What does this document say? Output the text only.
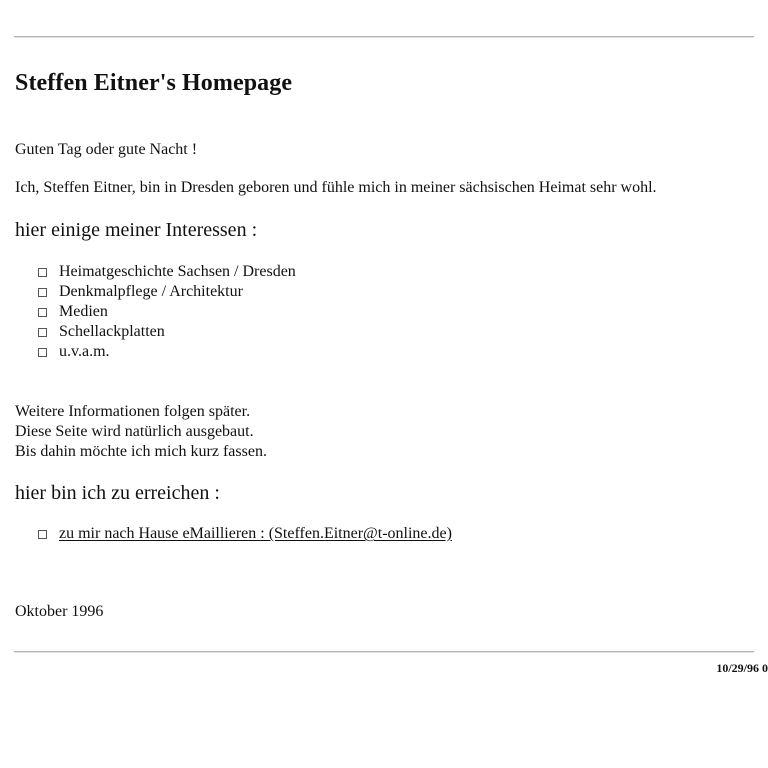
Steffen Eitner's Homepage
Guten Tag oder gute Nacht !
Ich, Steffen Eitner, bin in Dresden geboren und fühle mich in meiner sächsischen Heimat sehr wohl.
hier einige meiner Interessen :
Heimatgeschichte Sachsen / Dresden
Denkmalpflege / Architektur
Medien
Schellackplatten
u.v.a.m.
Weitere Informationen folgen später.
Diese Seite wird natürlich ausgebaut.
Bis dahin möchte ich mich kurz fassen.
hier bin ich zu erreichen :
zu mir nach Hause eMaillieren : (Steffen.Eitner@t-online.de)
Oktober 1996
10/29/96 0
